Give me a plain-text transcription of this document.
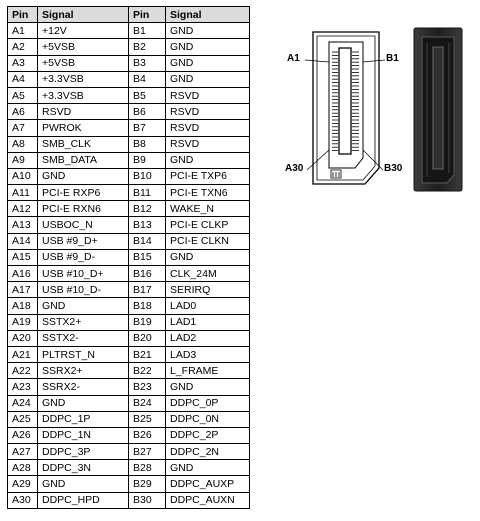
Pin	Signal	Pin	Signal
A1	+12V	B1	GND
A2	+5VSB	B2	GND
A3	+5VSB	B3	GND
A4	+3.3VSB	B4	GND
A5	+3.3VSB	B5	RSVD
A6	RSVD	B6	RSVD
A7	PWROK	B7	RSVD
A8	SMB_CLK	B8	RSVD
A9	SMB_DATA	B9	GND
A10	GND	B10	PCI-E TXP6
A11	PCI-E RXP6	B11	PCI-E TXN6
A12	PCI-E RXN6	B12	WAKE_N
A13	USBOC_N	B13	PCI-E CLKP
A14	USB #9_D+	B14	PCI-E CLKN
A15	USB #9_D-	B15	GND
A16	USB #10_D+	B16	CLK_24M
A17	USB #10_D-	B17	SERIRQ
A18	GND	B18	LAD0
A19	SSTX2+	B19	LAD1
A20	SSTX2-	B20	LAD2
A21	PLTRST_N	B21	LAD3
A22	SSRX2+	B22	L_FRAME
A23	SSRX2-	B23	GND
A24	GND	B24	DDPC_0P
A25	DDPC_1P	B25	DDPC_0N
A26	DDPC_1N	B26	DDPC_2P
A27	DDPC_3P	B27	DDPC_2N
A28	DDPC_3N	B28	GND
A29	GND	B29	DDPC_AUXP
A30	DDPC_HPD	B30	DDPC_AUXN
A1	B1
A30	B30
